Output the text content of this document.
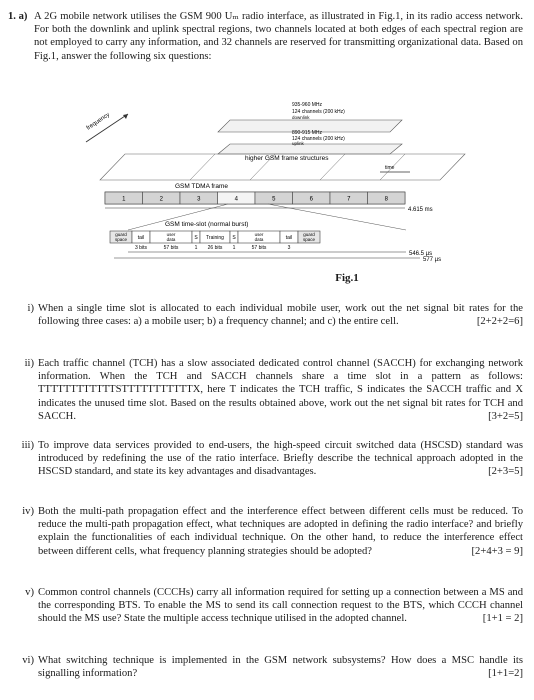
1. a) A 2G mobile network utilises the GSM 900 Uₘ radio interface, as illustrated in Fig.1, in its radio access network. For both the downlink and uplink spectral regions, two channels located at both edges of each spectral region are not employed to carry any information, and 32 channels are reserved for transmitting organizational data. Based on Fig.1, answer the following six questions:
frequency
935-960 MHz
124 channels (200 kHz)
downlink
890-915 MHz
124 channels (200 kHz)
uplink
higher GSM frame structures
time
GSM TDMA frame
1	2	3	4	5	6	7	8
4.615 ms
GSM time-slot (normal burst)
guard
space tail
3 bits
user
data
57 bits
S
1
Training
26 bits
S
1
user
data
57 bits
tail
3
guard
space
546.5 µs
577 µs
Fig.1
i) When a single time slot is allocated to each individual mobile user, work out the net signal bit rates for the following three cases: a) a mobile user; b) a frequency channel; and c) the entire cell.	[2+2+2=6]
ii) Each traffic channel (TCH) has a slow associated dedicated control channel (SACCH) for exchanging network information. When the TCH and SACCH channels share a time slot in a pattern as follows: TTTTTTTTTTTTSTTTTTTTTTTTX, here T indicates the TCH traffic, S indicates the SACCH traffic and X indicates the unused time slot. Based on the results obtained above, work out the net signal bit rates for TCH and SACCH.	[3+2=5]
iii) To improve data services provided to end-users, the high-speed circuit switched data (HSCSD) standard was introduced by redefining the use of the ratio interface. Briefly describe the technical approach adopted in the HSCSD standard, and state its key advantages and disadvantages.	[2+3=5]
iv) Both the multi-path propagation effect and the interference effect between different cells must be reduced. To reduce the multi-path propagation effect, what techniques are adopted in defining the radio interface? and briefly explain the functionalities of each individual technique. On the other hand, to reduce the interference effect between different cells, what frequency planning strategies should be adopted?	[2+4+3 = 9]
v) Common control channels (CCCHs) carry all information required for setting up a connection between a MS and the corresponding BTS. To enable the MS to send its call connection request to the BTS, which CCCH channel should the MS use? State the multiple access technique utilised in the adopted channel.	[1+1 = 2]
vi) What switching technique is implemented in the GSM network subsystems? How does a MSC handle its signalling information?	[1+1=2]
